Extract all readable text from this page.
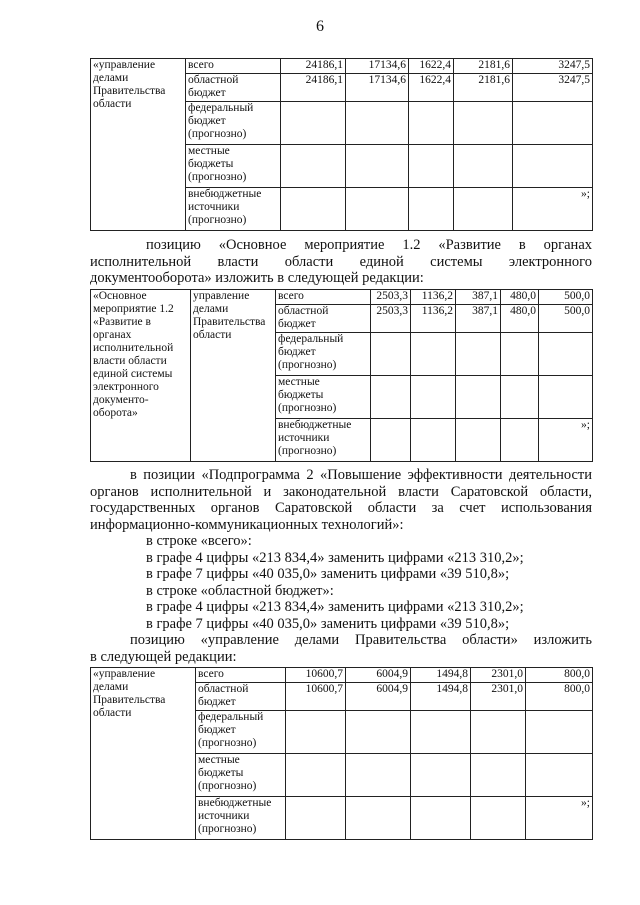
6
«управление делами Правительства области	всего	24186,1	17134,6	1622,4	2181,6	3247,5
	областной бюджет	24186,1	17134,6	1622,4	2181,6	3247,5
	федеральный бюджет (прогнозно)					
	местные бюджеты (прогнозно)					
	внебюджетные источники (прогнозно)					»;

позицию «Основное мероприятие 1.2 «Развитие в органах

исполнительной власти области единой системы электронного

документооборота» изложить в следующей редакции:

«Основное мероприятие 1.2 «Развитие в органах исполнительной власти области единой системы электронного документо-оборота»	управление делами Правительства области	всего	2503,3	1136,2	387,1	480,0	500,0
		областной бюджет	2503,3	1136,2	387,1	480,0	500,0
		федеральный бюджет (прогнозно)					
		местные бюджеты (прогнозно)					
		внебюджетные источники (прогнозно)					»;

в позиции «Подпрограмма 2 «Повышение эффективности деятельности

органов исполнительной и законодательной власти Саратовской области,

государственных органов Саратовской области за счет использования

информационно-коммуникационных технологий»:

в строке «всего»:

в графе 4 цифры «213 834,4» заменить цифрами «213 310,2»;

в графе 7 цифры «40 035,0» заменить цифрами «39 510,8»;

в строке «областной бюджет»:

в графе 4 цифры «213 834,4» заменить цифрами «213 310,2»;

в графе 7 цифры «40 035,0» заменить цифрами «39 510,8»;

позицию «управление делами Правительства области» изложить

в следующей редакции:

«управление делами Правительства области	всего	10600,7	6004,9	1494,8	2301,0	800,0
	областной бюджет	10600,7	6004,9	1494,8	2301,0	800,0
	федеральный бюджет (прогнозно)					
	местные бюджеты (прогнозно)					
	внебюджетные источники (прогнозно)					»;
